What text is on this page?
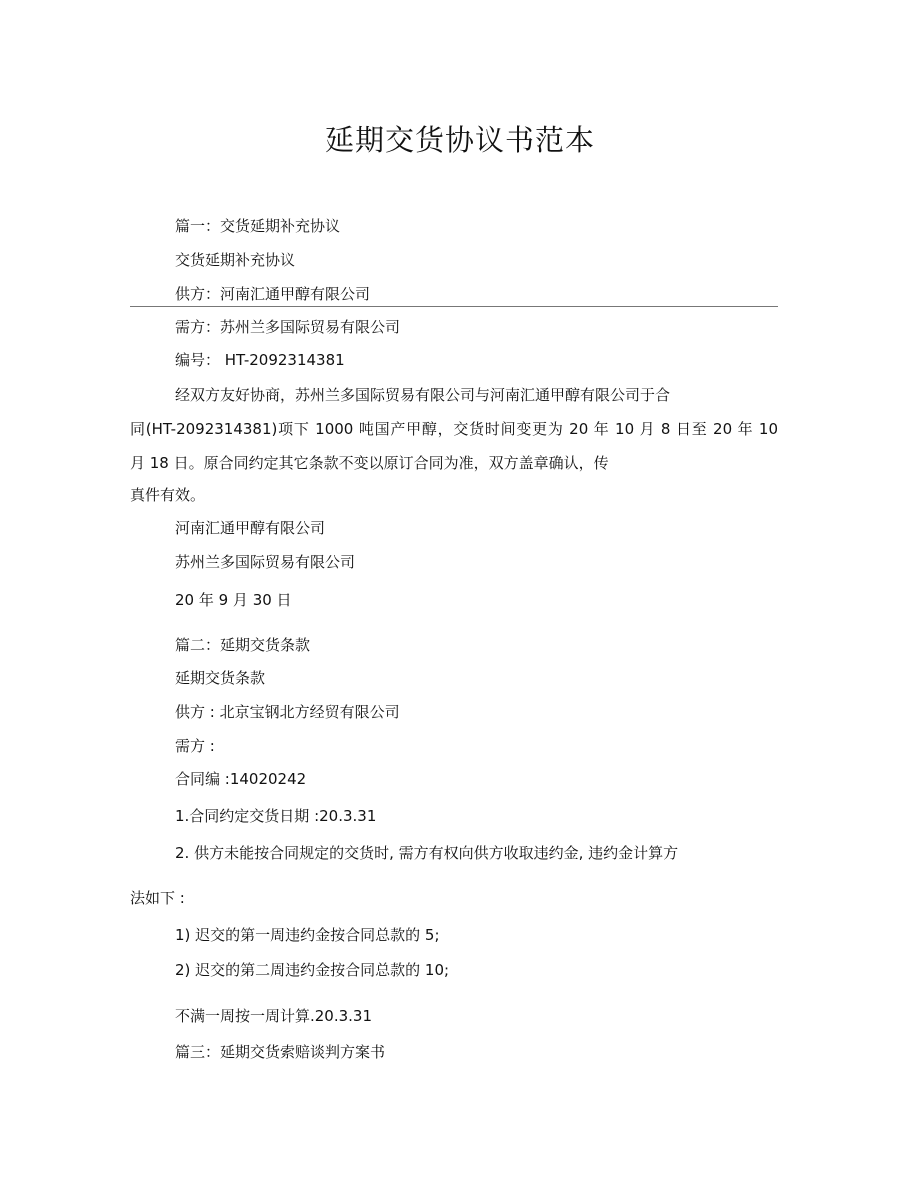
延期交货协议书范本
篇一：交货延期补充协议
交货延期补充协议
供方：河南汇通甲醇有限公司
需方：苏州兰多国际贸易有限公司
编号： HT-2092314381
经双方友好协商，苏州兰多国际贸易有限公司与河南汇通甲醇有限公司于合
同(HT-2092314381)项下 1000 吨国产甲醇，交货时间变更为 20 年 10 月 8 日至 20 年 10
月 18 日。原合同约定其它条款不变以原订合同为准，双方盖章确认，传
真件有效。
河南汇通甲醇有限公司
苏州兰多国际贸易有限公司
20 年 9 月 30 日
篇二：延期交货条款
延期交货条款
供方 : 北京宝钢北方经贸有限公司
需方 :
合同编 :14020242
1.合同约定交货日期 :20.3.31
2. 供方未能按合同规定的交货时, 需方有权向供方收取违约金, 违约金计算方
法如下 :
1) 迟交的第一周违约金按合同总款的 5;
2) 迟交的第二周违约金按合同总款的 10;
不满一周按一周计算.20.3.31
篇三：延期交货索赔谈判方案书
